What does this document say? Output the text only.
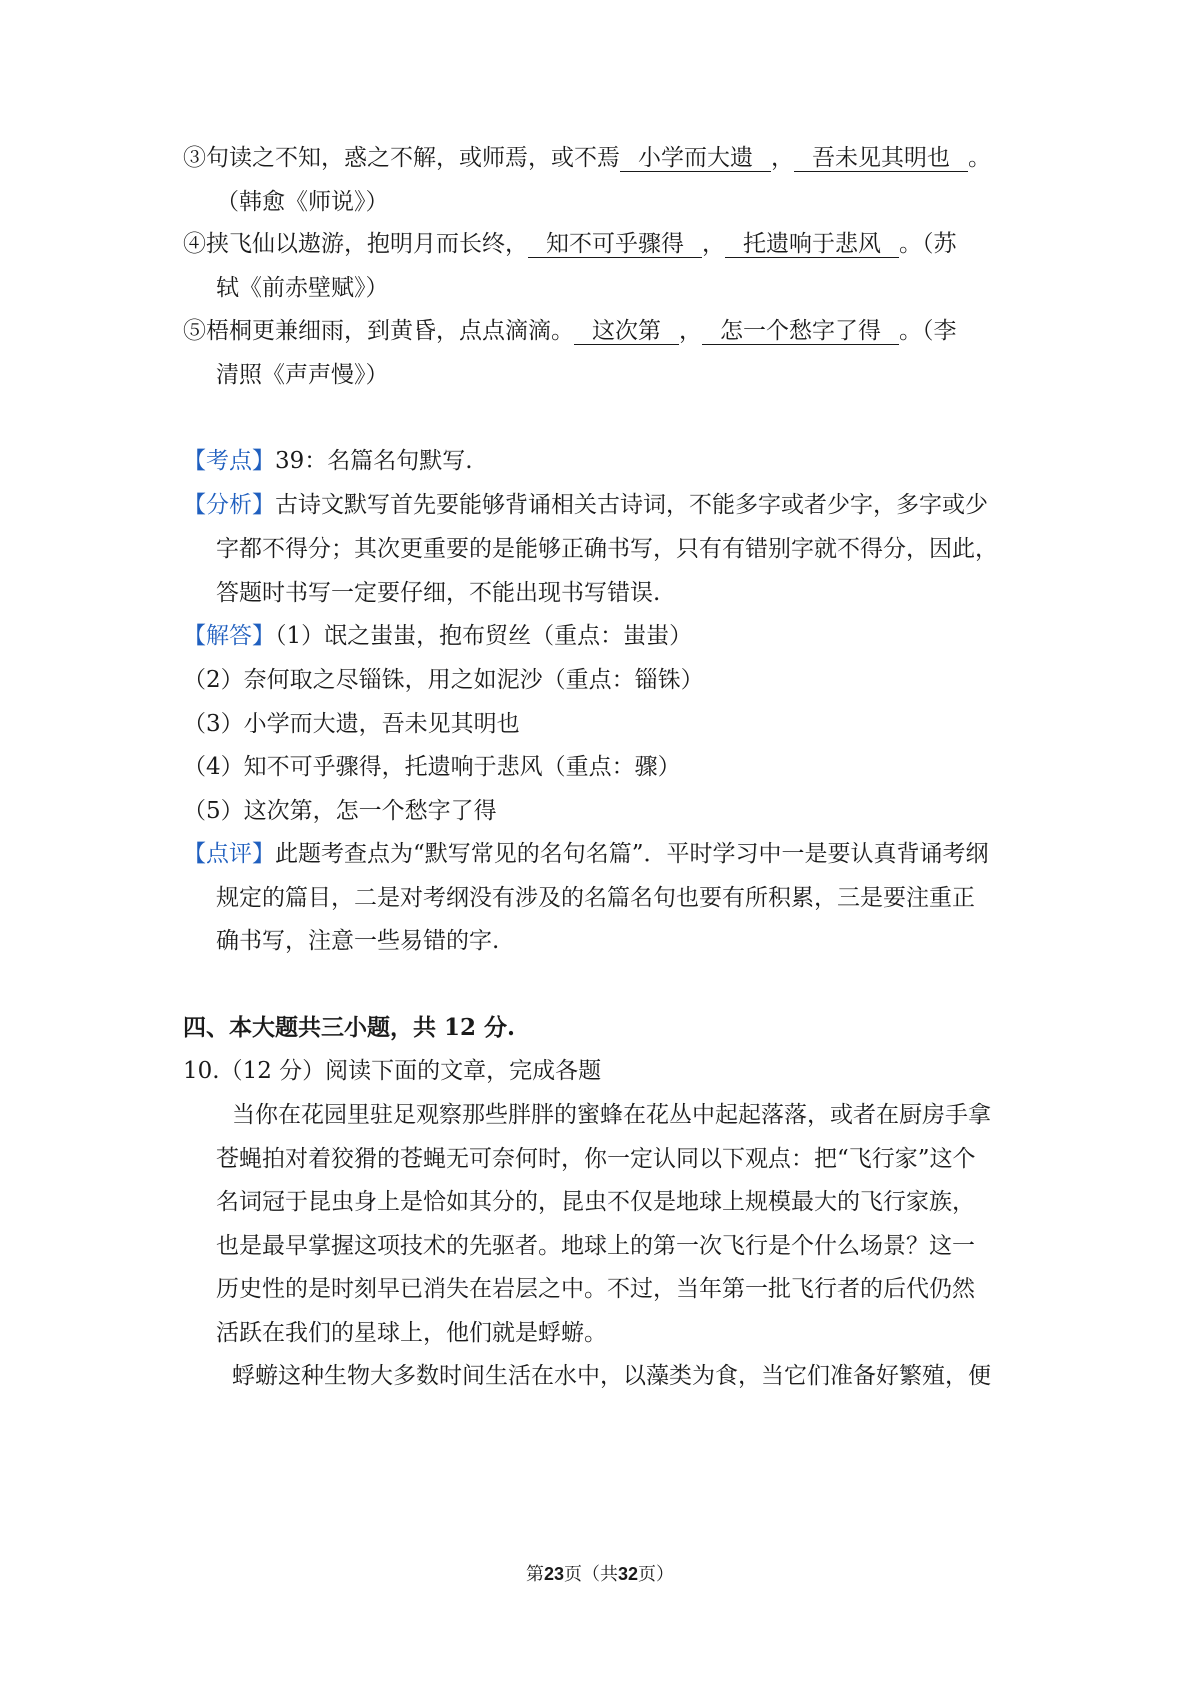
③句读之不知，惑之不解，或师焉，或不焉 小学而大遗 ， 吾未见其明也 。
（韩愈《师说》）
④挟飞仙以遨游，抱明月而长终， 知不可乎骤得 ， 托遗响于悲风 。（苏
轼《前赤壁赋》）
⑤梧桐更兼细雨，到黄昏，点点滴滴。 这次第 ， 怎一个愁字了得 。（李
清照《声声慢》）
【考点】39：名篇名句默写.
【分析】古诗文默写首先要能够背诵相关古诗词，不能多字或者少字，多字或少
字都不得分；其次更重要的是能够正确书写，只有有错别字就不得分，因此，
答题时书写一定要仔细，不能出现书写错误.
【解答】（1）氓之蚩蚩，抱布贸丝（重点：蚩蚩）
（2）奈何取之尽锱铢，用之如泥沙（重点：锱铢）
（3）小学而大遗，吾未见其明也
（4）知不可乎骤得，托遗响于悲风（重点：骤）
（5）这次第，怎一个愁字了得
【点评】此题考查点为“默写常见的名句名篇”．平时学习中一是要认真背诵考纲
规定的篇目，二是对考纲没有涉及的名篇名句也要有所积累，三是要注重正
确书写，注意一些易错的字.
四、本大题共三小题，共 12 分.
10.（12 分）阅读下面的文章，完成各题
当你在花园里驻足观察那些胖胖的蜜蜂在花丛中起起落落，或者在厨房手拿
苍蝇拍对着狡猾的苍蝇无可奈何时，你一定认同以下观点：把“飞行家”这个
名词冠于昆虫身上是恰如其分的，昆虫不仅是地球上规模最大的飞行家族，
也是最早掌握这项技术的先驱者。地球上的第一次飞行是个什么场景？这一
历史性的是时刻早已消失在岩层之中。不过，当年第一批飞行者的后代仍然
活跃在我们的星球上，他们就是蜉蝣。
蜉蝣这种生物大多数时间生活在水中，以藻类为食，当它们准备好繁殖，便
第23页（共32页）
